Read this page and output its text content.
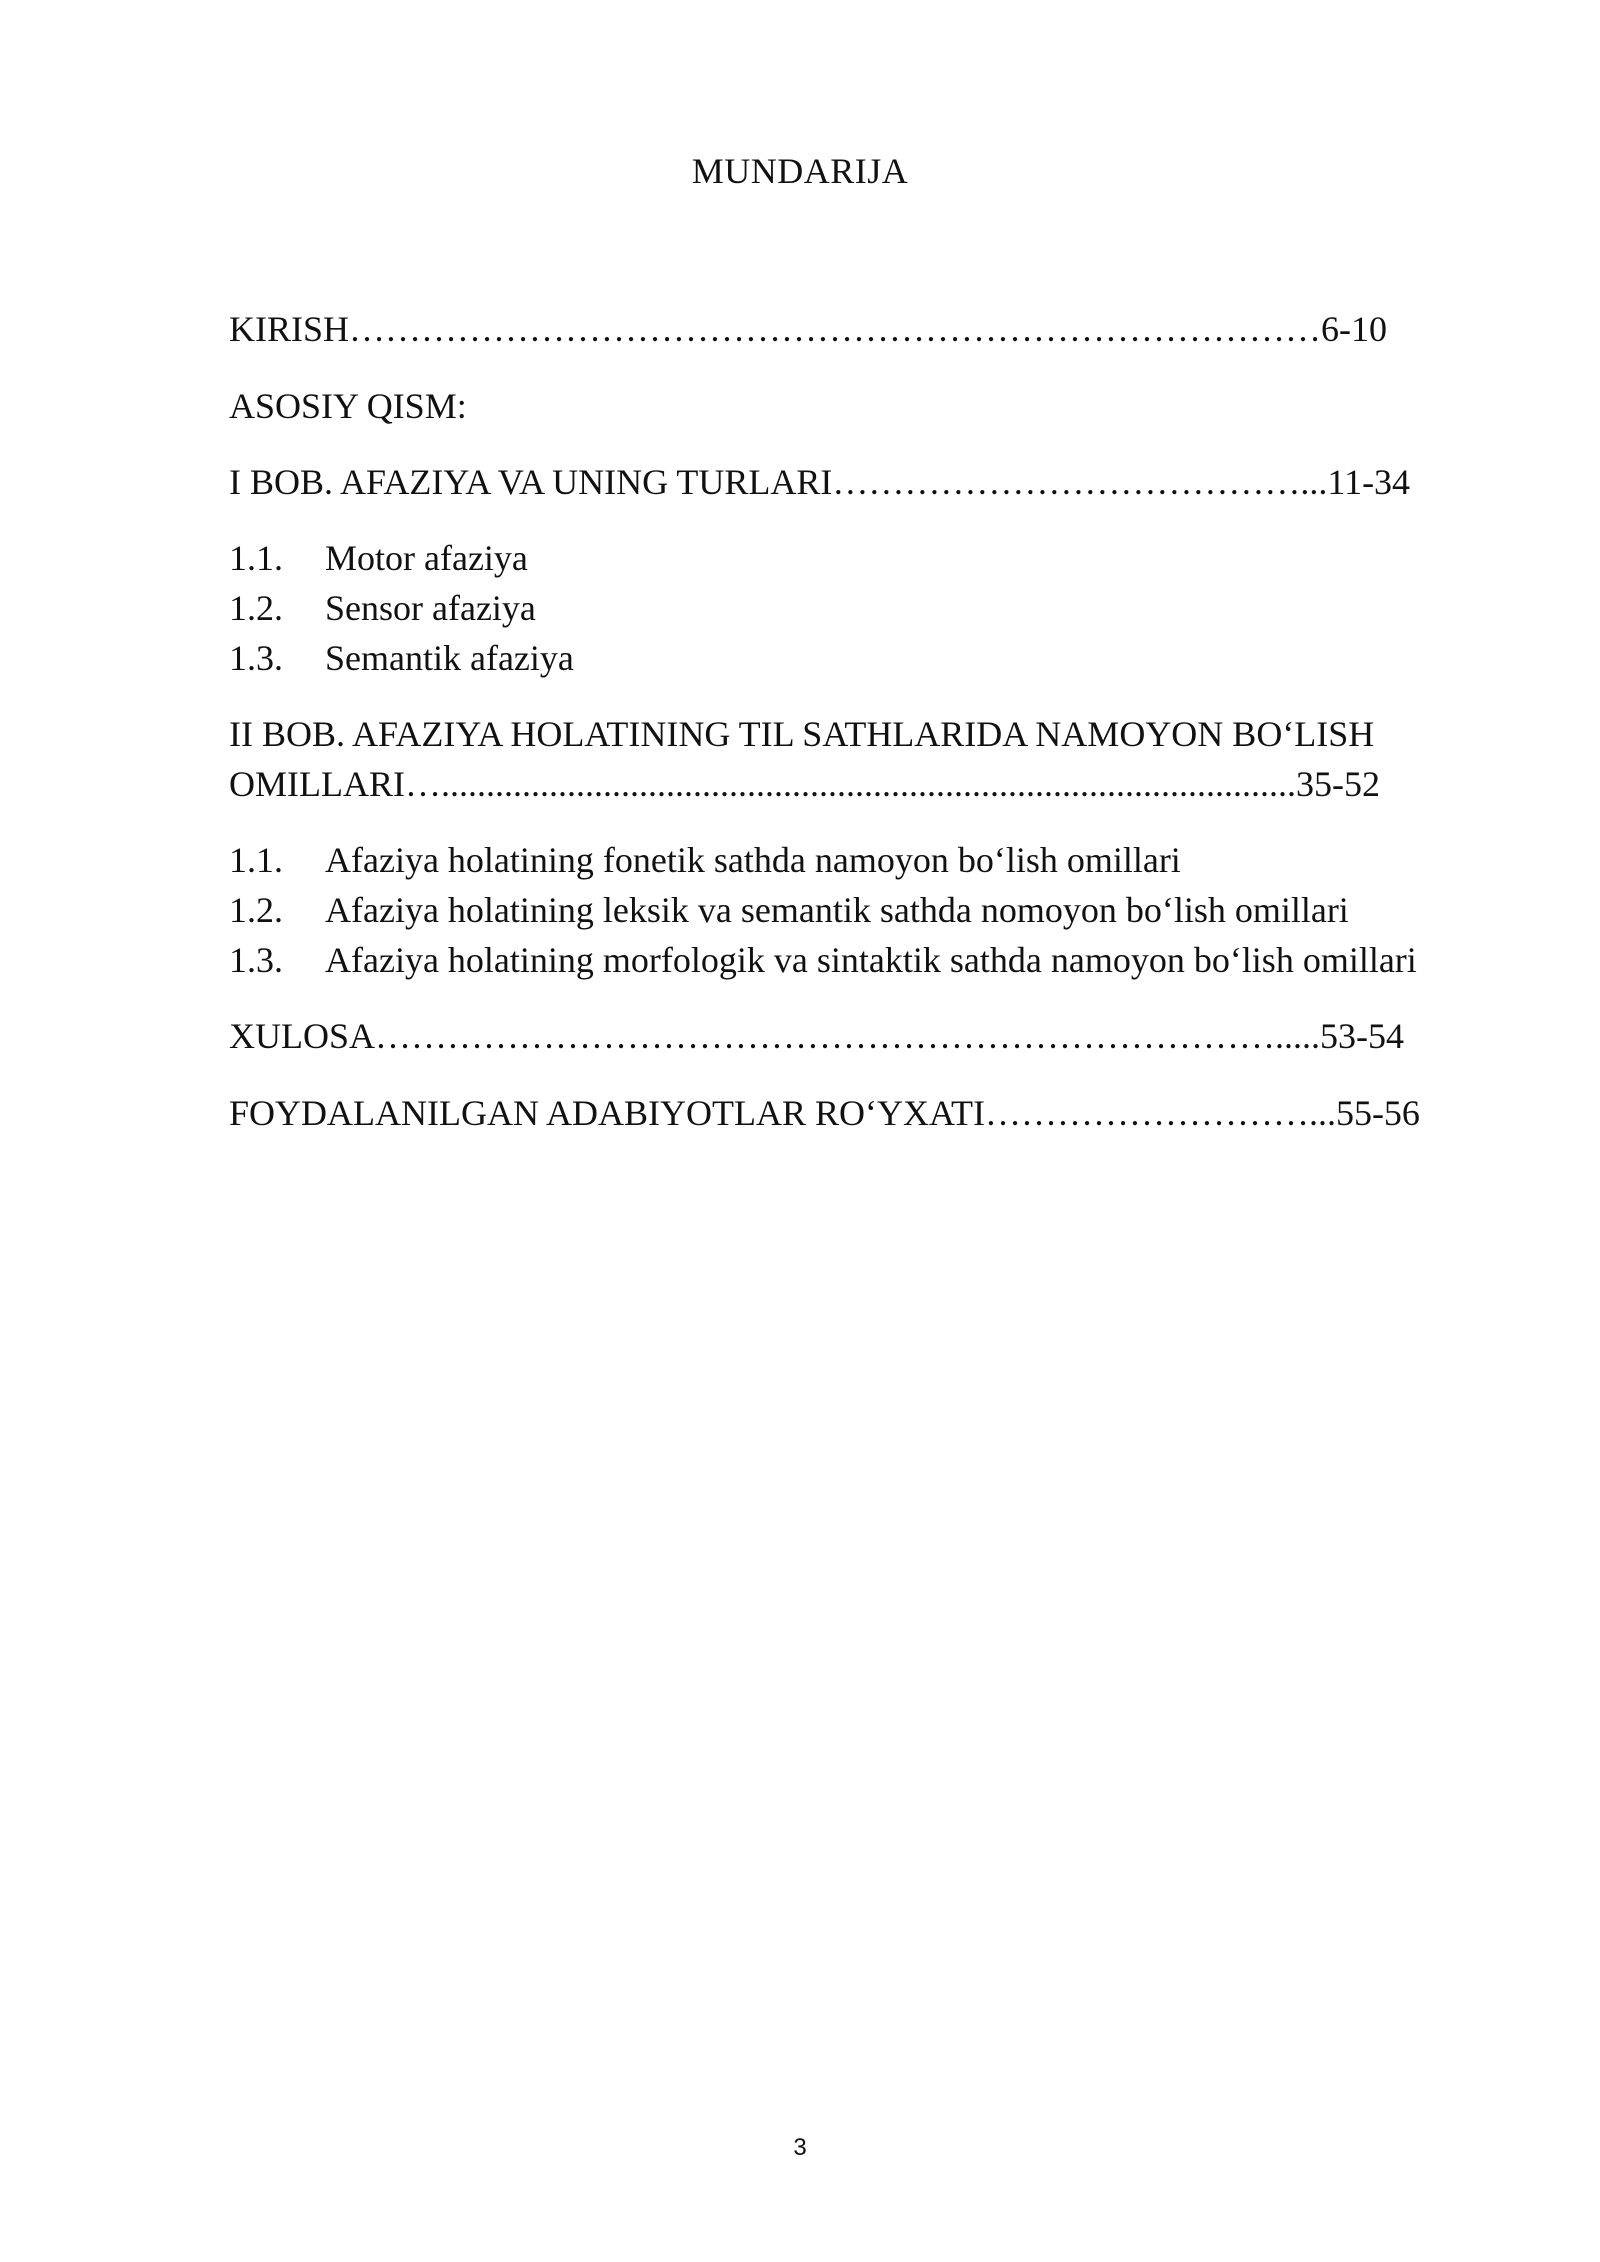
MUNDARIJA
KIRISH………………………………………………………………………6-10
ASOSIY QISM:
I BOB. AFAZIYA VA UNING TURLARI…………………………………...11-34
1.1. Motor afaziya
1.2. Sensor afaziya
1.3. Semantik afaziya
II BOB. AFAZIYA HOLATINING TIL SATHLARIDA NAMOYON BO‘LISH
OMILLARI…...............................................................................................35-52
1.1. Afaziya holatining fonetik sathda namoyon bo‘lish omillari
1.2. Afaziya holatining leksik va semantik sathda nomoyon bo‘lish omillari
1.3. Afaziya holatining morfologik va sintaktik sathda namoyon bo‘lish omillari
XULOSA………………………………………………………………….....53-54
FOYDALANILGAN ADABIYOTLAR RO‘YXATI………………………...55-56
3
